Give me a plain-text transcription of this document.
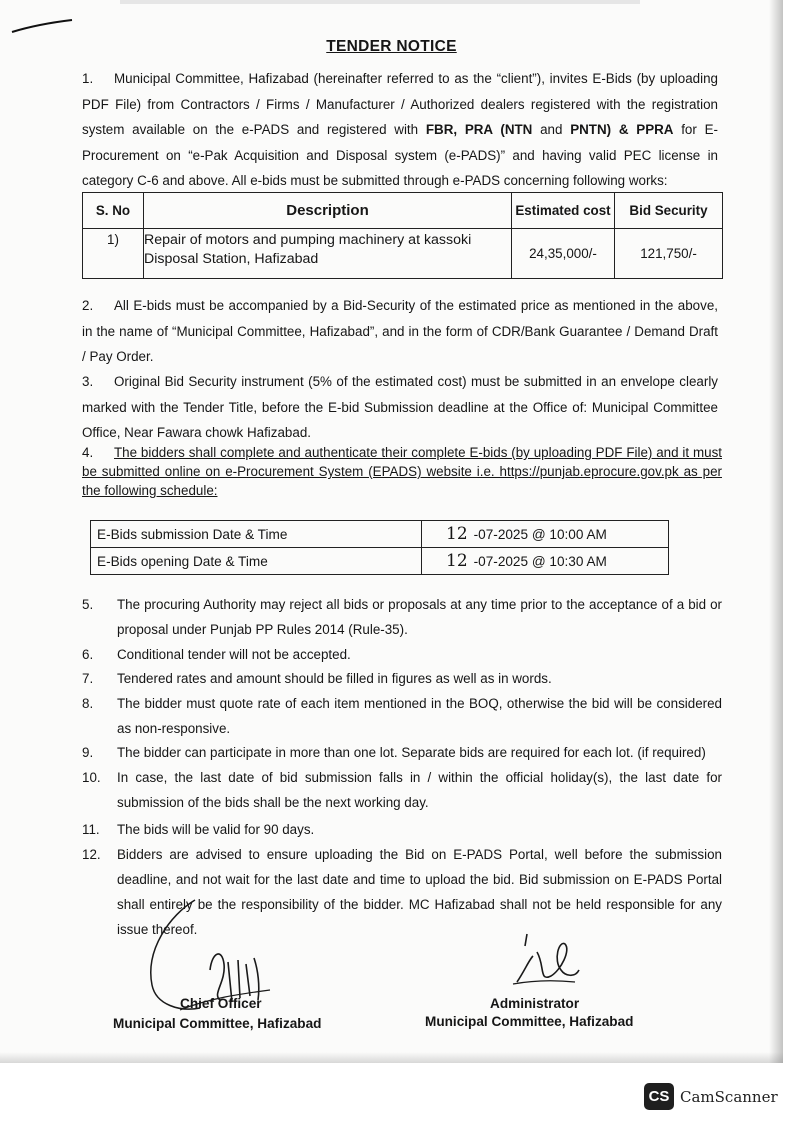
TENDER NOTICE

1. Municipal Committee, Hafizabad (hereinafter referred to as the “client”), invites E-Bids (by uploading PDF File) from Contractors / Firms / Manufacturer / Authorized dealers registered with the registration system available on the e-PADS and registered with FBR, PRA (NTN and PNTN) & PPRA for E-Procurement on “e-Pak Acquisition and Disposal system (e-PADS)” and having valid PEC license in category C-6 and above. All e-bids must be submitted through e-PADS concerning following works:

S. No	Description	Estimated cost	Bid Security
1)	Repair of motors and pumping machinery at kassoki Disposal Station, Hafizabad	24,35,000/-	121,750/-

2. All E-bids must be accompanied by a Bid-Security of the estimated price as mentioned in the above, in the name of “Municipal Committee, Hafizabad”, and in the form of CDR/Bank Guarantee / Demand Draft / Pay Order.

3. Original Bid Security instrument (5% of the estimated cost) must be submitted in an envelope clearly marked with the Tender Title, before the E-bid Submission deadline at the Office of: Municipal Committee Office, Near Fawara chowk Hafizabad.

4. The bidders shall complete and authenticate their complete E-bids (by uploading PDF File) and it must be submitted online on e-Procurement System (EPADS) website i.e. https://punjab.eprocure.gov.pk as per the following schedule:

E-Bids submission Date & Time	12 -07-2025 @ 10:00 AM
E-Bids opening Date & Time	12 -07-2025 @ 10:30 AM
5. The procuring Authority may reject all bids or proposals at any time prior to the acceptance of a bid or proposal under Punjab PP Rules 2014 (Rule-35).
6. Conditional tender will not be accepted.
7. Tendered rates and amount should be filled in figures as well as in words.
8. The bidder must quote rate of each item mentioned in the BOQ, otherwise the bid will be considered as non-responsive.
9. The bidder can participate in more than one lot. Separate bids are required for each lot. (if required)
10. In case, the last date of bid submission falls in / within the official holiday(s), the last date for submission of the bids shall be the next working day.
11. The bids will be valid for 90 days.
12. Bidders are advised to ensure uploading the Bid on E-PADS Portal, well before the submission deadline, and not wait for the last date and time to upload the bid. Bid submission on E-PADS Portal shall entirely be the responsibility of the bidder. MC Hafizabad shall not be held responsible for any issue thereof.
Chief Officer
Municipal Committee, Hafizabad
Administrator
Municipal Committee, Hafizabad
CS CamScanner
